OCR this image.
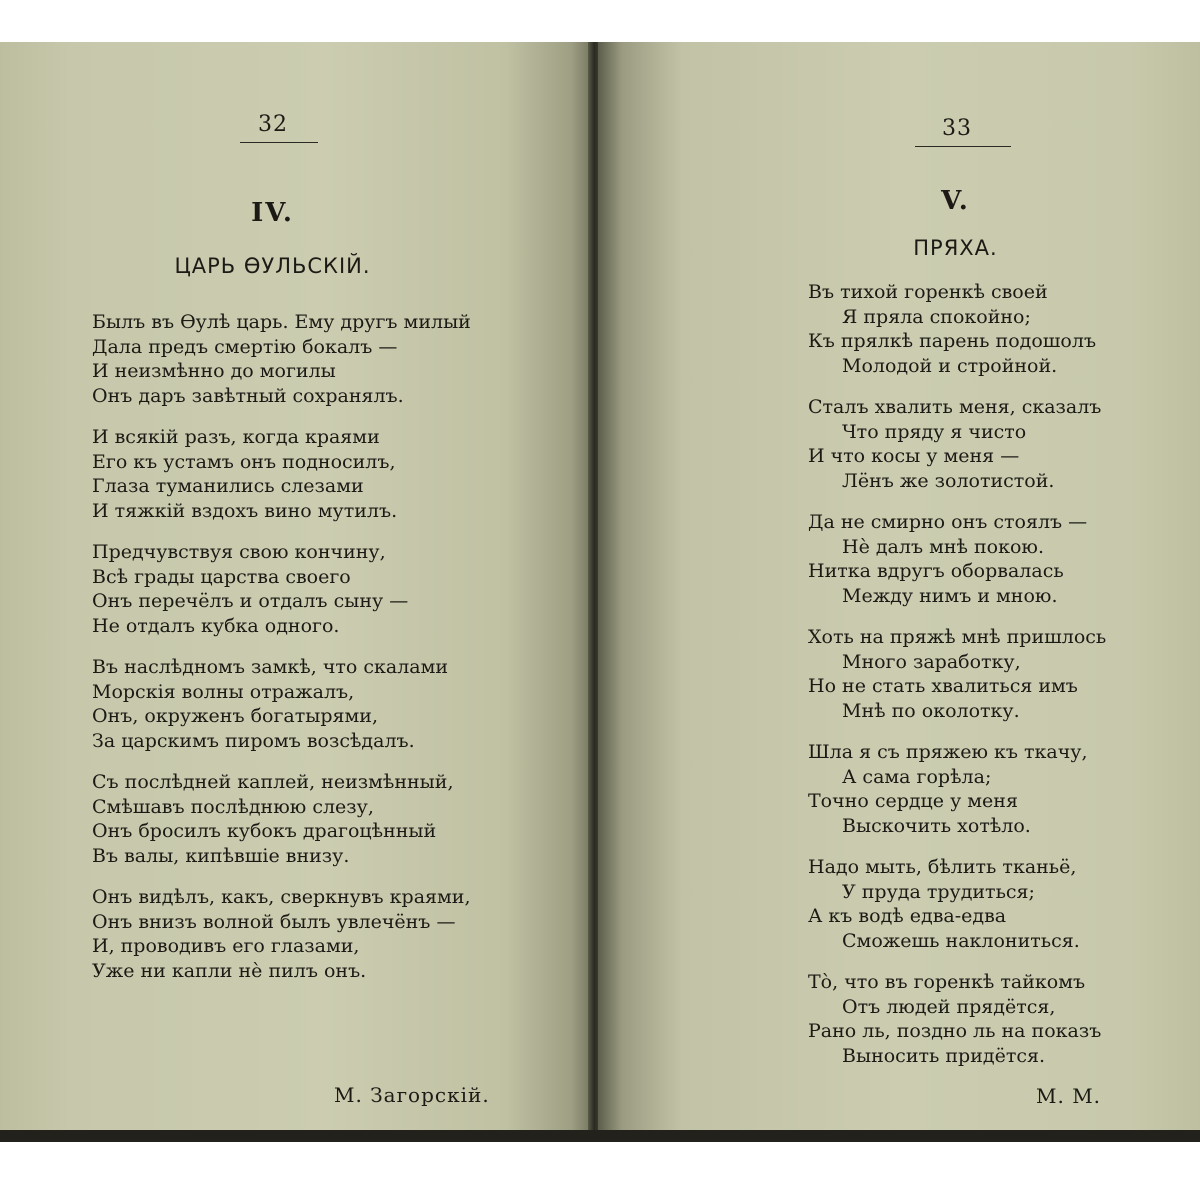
32
IV.
ЦАРЬ ѲУЛЬСКІЙ.
Былъ въ Ѳулѣ царь. Ему другъ милый
Дала предъ смертію бокалъ —
И неизмѣнно до могилы
Онъ даръ завѣтный сохранялъ.
И всякій разъ, когда краями
Его къ устамъ онъ подносилъ,
Глаза туманились слезами
И тяжкій вздохъ вино мутилъ.
Предчувствуя свою кончину,
Всѣ грады царства своего
Онъ перечёлъ и отдалъ сыну —
Не отдалъ кубка одного.
Въ наслѣдномъ замкѣ, что скалами
Морскія волны отражалъ,
Онъ, окруженъ богатырями,
За царскимъ пиромъ возсѣдалъ.
Съ послѣдней каплей, неизмѣнный,
Смѣшавъ послѣднюю слезу,
Онъ бросилъ кубокъ драгоцѣнный
Въ валы, кипѣвшіе внизу.
Онъ видѣлъ, какъ, сверкнувъ краями,
Онъ внизъ волной былъ увлечёнъ —
И, проводивъ его глазами,
Уже ни капли нè пилъ онъ.
М. Загорскій.
33
V.
ПРЯХА.
Въ тихой горенкѣ своей
Я пряла спокойно;
Къ прялкѣ парень подошолъ
Молодой и стройной.
Сталъ хвалить меня, сказалъ
Что пряду я чисто
И что косы у меня —
Лёнъ же золотистой.
Да не смирно онъ стоялъ —
Нè далъ мнѣ покою.
Нитка вдругъ оборвалась
Между нимъ и мною.
Хоть на пряжѣ мнѣ пришлось
Много заработку,
Но не стать хвалиться имъ
Мнѣ по околотку.
Шла я съ пряжею къ ткачу,
А сама горѣла;
Точно сердце у меня
Выскочить хотѣло.
Надо мыть, бѣлить тканьё,
У пруда трудиться;
А къ водѣ едва-едва
Сможешь наклониться.
Тò, что въ горенкѣ тайкомъ
Отъ людей прядётся,
Рано ль, поздно ль на показъ
Выносить придётся.
М. М.
